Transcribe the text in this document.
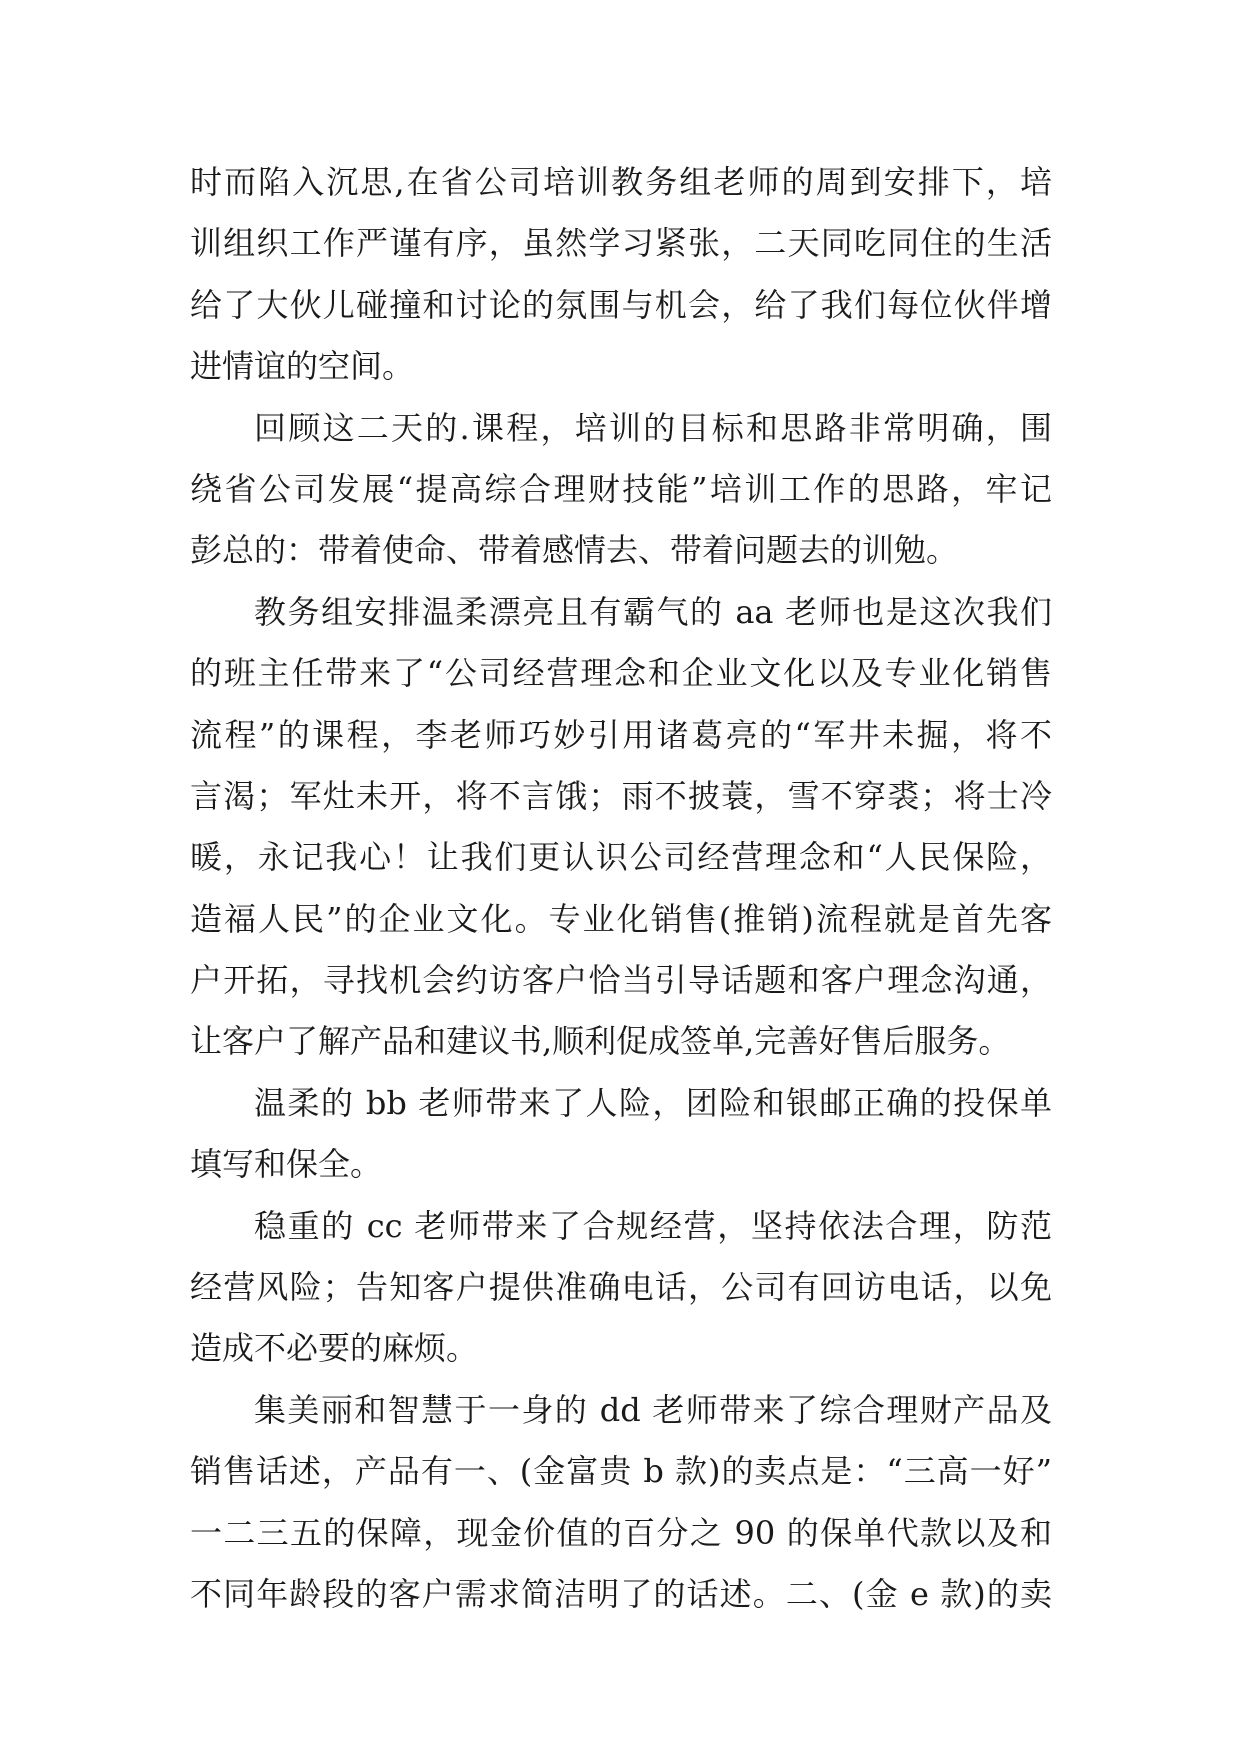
时而陷入沉思,在省公司培训教务组老师的周到安排下，培
训组织工作严谨有序，虽然学习紧张，二天同吃同住的生活
给了大伙儿碰撞和讨论的氛围与机会，给了我们每位伙伴增
进情谊的空间。
回顾这二天的.课程，培训的目标和思路非常明确，围
绕省公司发展“提高综合理财技能”培训工作的思路，牢记
彭总的：带着使命、带着感情去、带着问题去的训勉。
教务组安排温柔漂亮且有霸气的 aa 老师也是这次我们
的班主任带来了“公司经营理念和企业文化以及专业化销售
流程”的课程，李老师巧妙引用诸葛亮的“军井未掘，将不
言渴；军灶未开，将不言饿；雨不披蓑，雪不穿裘；将士冷
暖，永记我心！让我们更认识公司经营理念和“人民保险，
造福人民”的企业文化。专业化销售(推销)流程就是首先客
户开拓，寻找机会约访客户恰当引导话题和客户理念沟通，
让客户了解产品和建议书,顺利促成签单,完善好售后服务。
温柔的 bb 老师带来了人险，团险和银邮正确的投保单
填写和保全。
稳重的 cc 老师带来了合规经营，坚持依法合理，防范
经营风险；告知客户提供准确电话，公司有回访电话，以免
造成不必要的麻烦。
集美丽和智慧于一身的 dd 老师带来了综合理财产品及
销售话述，产品有一、(金富贵 b 款)的卖点是：“三高一好”
一二三五的保障，现金价值的百分之 90 的保单代款以及和
不同年龄段的客户需求简洁明了的话述。二、(金 e 款)的卖
